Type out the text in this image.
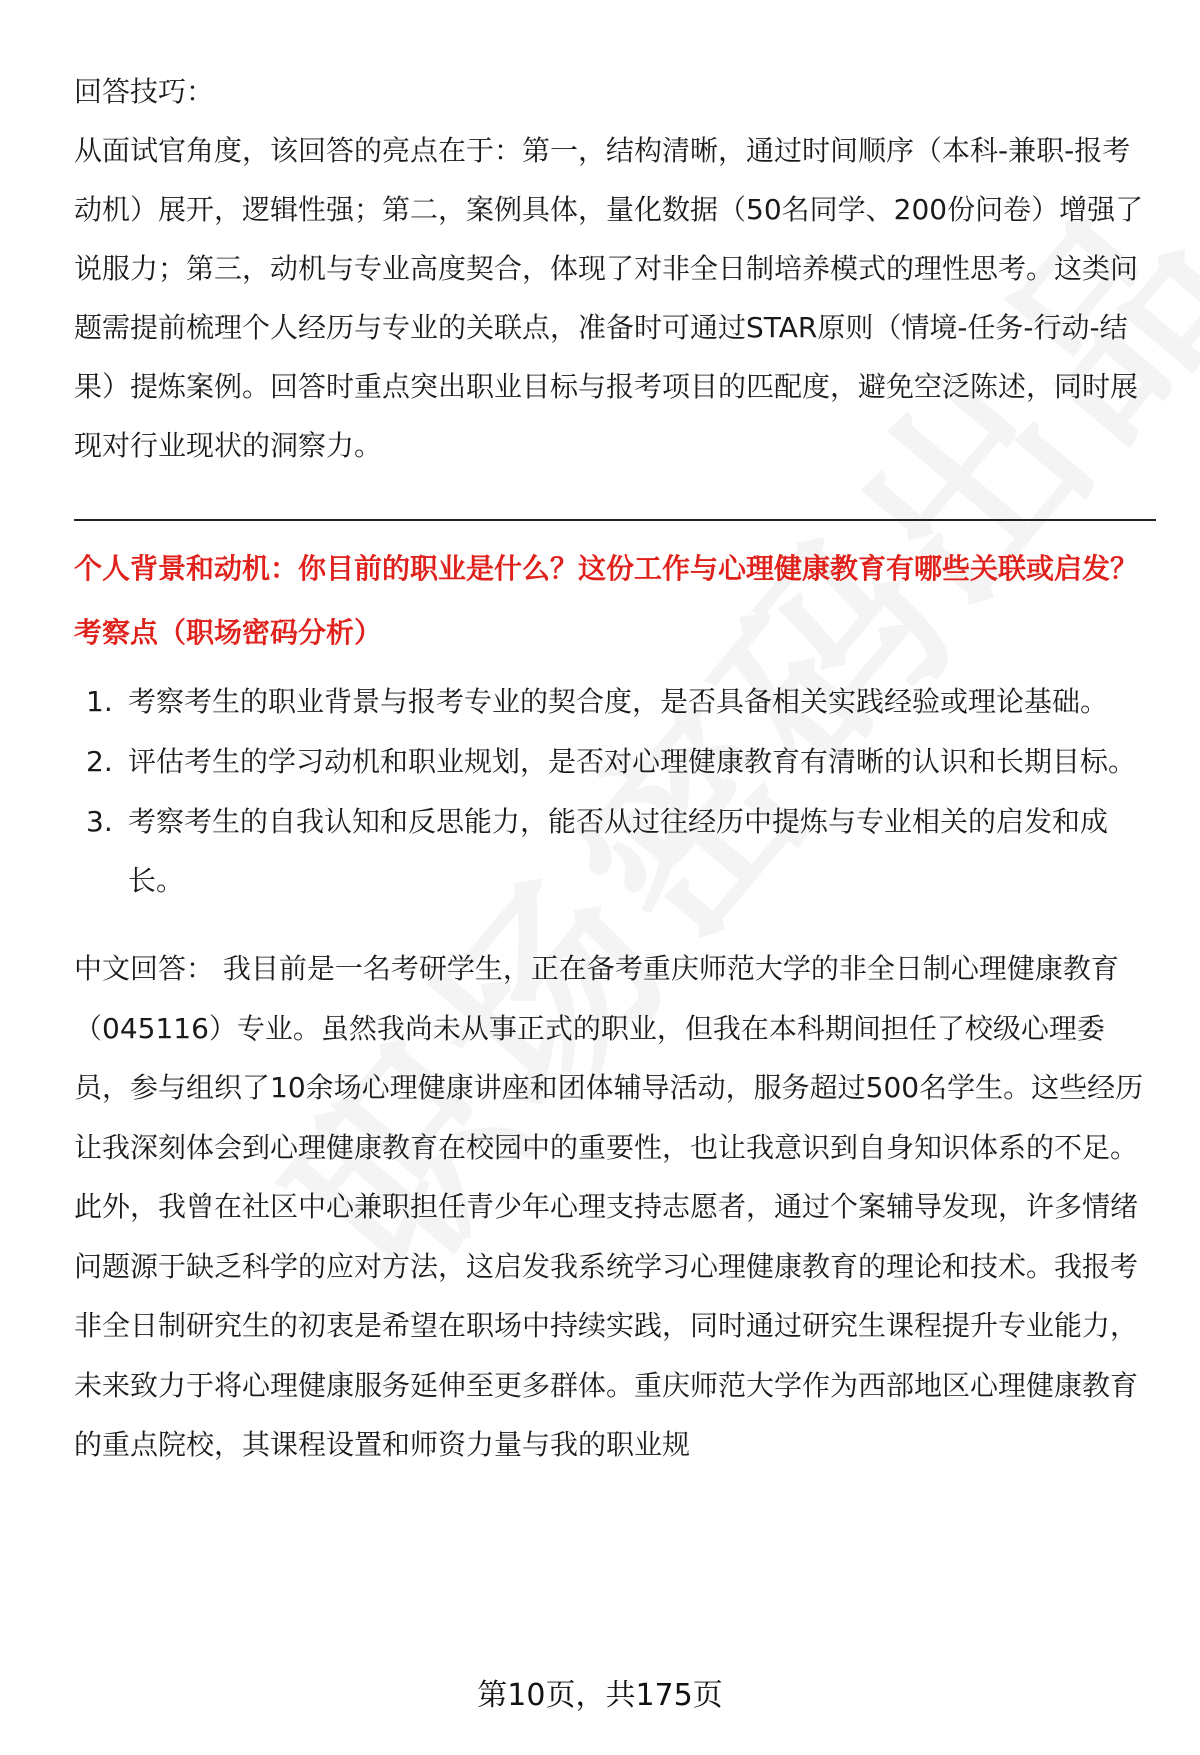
回答技巧：

从面试官角度，该回答的亮点在于：第一，结构清晰，通过时间顺序（本科-兼职-报考动机）展开，逻辑性强；第二，案例具体，量化数据（50名同学、200份问卷）增强了说服力；第三，动机与专业高度契合，体现了对非全日制培养模式的理性思考。这类问题需提前梳理个人经历与专业的关联点，准备时可通过STAR原则（情境-任务-行动-结果）提炼案例。回答时重点突出职业目标与报考项目的匹配度，避免空泛陈述，同时展现对行业现状的洞察力。

个人背景和动机：你目前的职业是什么？这份工作与心理健康教育有哪些关联或启发？
考察点（职场密码分析）
1. 考察考生的职业背景与报考专业的契合度，是否具备相关实践经验或理论基础。
2. 评估考生的学习动机和职业规划，是否对心理健康教育有清晰的认识和长期目标。
3. 考察考生的自我认知和反思能力，能否从过往经历中提炼与专业相关的启发和成长。
中文回答： 我目前是一名考研学生，正在备考重庆师范大学的非全日制心理健康教育（045116）专业。虽然我尚未从事正式的职业，但我在本科期间担任了校级心理委员，参与组织了10余场心理健康讲座和团体辅导活动，服务超过500名学生。这些经历让我深刻体会到心理健康教育在校园中的重要性，也让我意识到自身知识体系的不足。此外，我曾在社区中心兼职担任青少年心理支持志愿者，通过个案辅导发现，许多情绪问题源于缺乏科学的应对方法，这启发我系统学习心理健康教育的理论和技术。我报考非全日制研究生的初衷是希望在职场中持续实践，同时通过研究生课程提升专业能力，未来致力于将心理健康服务延伸至更多群体。重庆师范大学作为西部地区心理健康教育的重点院校，其课程设置和师资力量与我的职业规
第10页，共175页
